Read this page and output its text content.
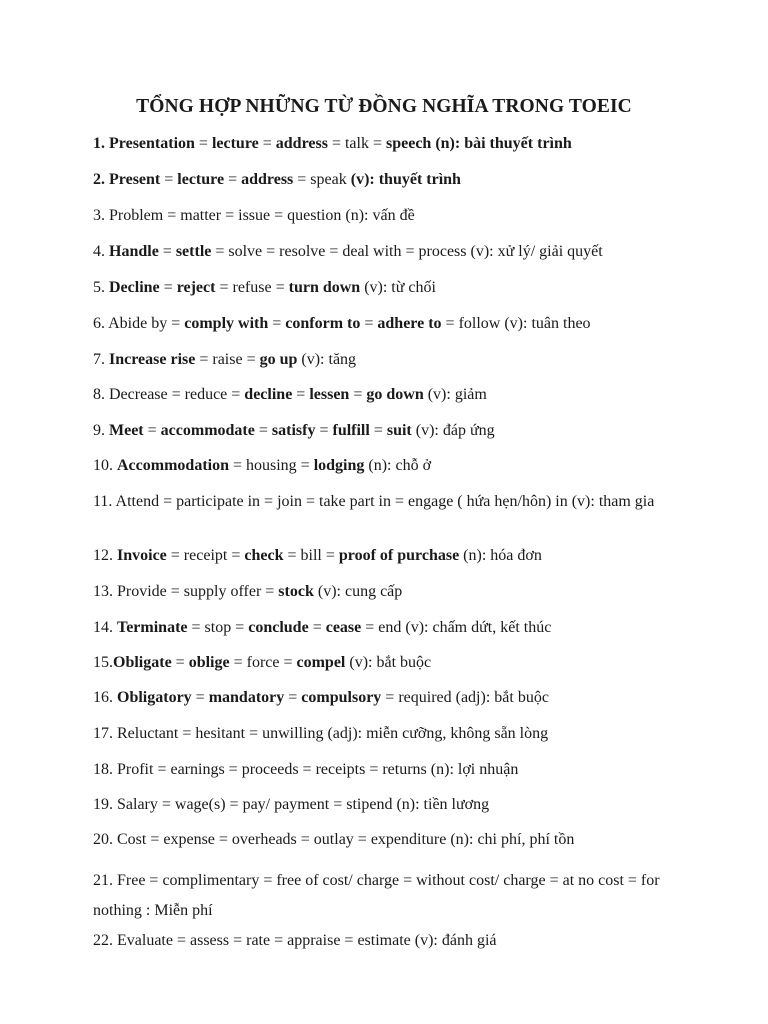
TỔNG HỢP NHỮNG TỪ ĐỒNG NGHĨA TRONG TOEIC

1. Presentation = lecture = address = talk = speech (n): bài thuyết trình

2. Present = lecture = address = speak (v): thuyết trình

3. Problem = matter = issue = question (n): vấn đề

4. Handle = settle = solve = resolve = deal with = process (v): xử lý/ giải quyết

5. Decline = reject = refuse = turn down (v): từ chối

6. Abide by = comply with = conform to = adhere to = follow (v): tuân theo

7. Increase rise = raise = go up (v): tăng

8. Decrease = reduce = decline = lessen = go down (v): giảm

9. Meet = accommodate = satisfy = fulfill = suit (v): đáp ứng

10. Accommodation = housing = lodging (n): chỗ ở

11. Attend = participate in = join = take part in = engage ( hứa hẹn/hôn) in (v): tham gia

12. Invoice = receipt = check = bill = proof of purchase (n): hóa đơn

13. Provide = supply offer = stock (v): cung cấp

14. Terminate = stop = conclude = cease = end (v): chấm dứt, kết thúc

15.Obligate = oblige = force = compel (v): bắt buộc

16. Obligatory = mandatory = compulsory = required (adj): bắt buộc

17. Reluctant = hesitant = unwilling (adj): miễn cưỡng, không sẵn lòng

18. Profit = earnings = proceeds = receipts = returns (n): lợi nhuận

19. Salary = wage(s) = pay/ payment = stipend (n): tiền lương

20. Cost = expense = overheads = outlay = expenditure (n): chi phí, phí tồn

21. Free = complimentary = free of cost/ charge = without cost/ charge = at no cost = for nothing : Miễn phí

22. Evaluate = assess = rate = appraise = estimate (v): đánh giá
